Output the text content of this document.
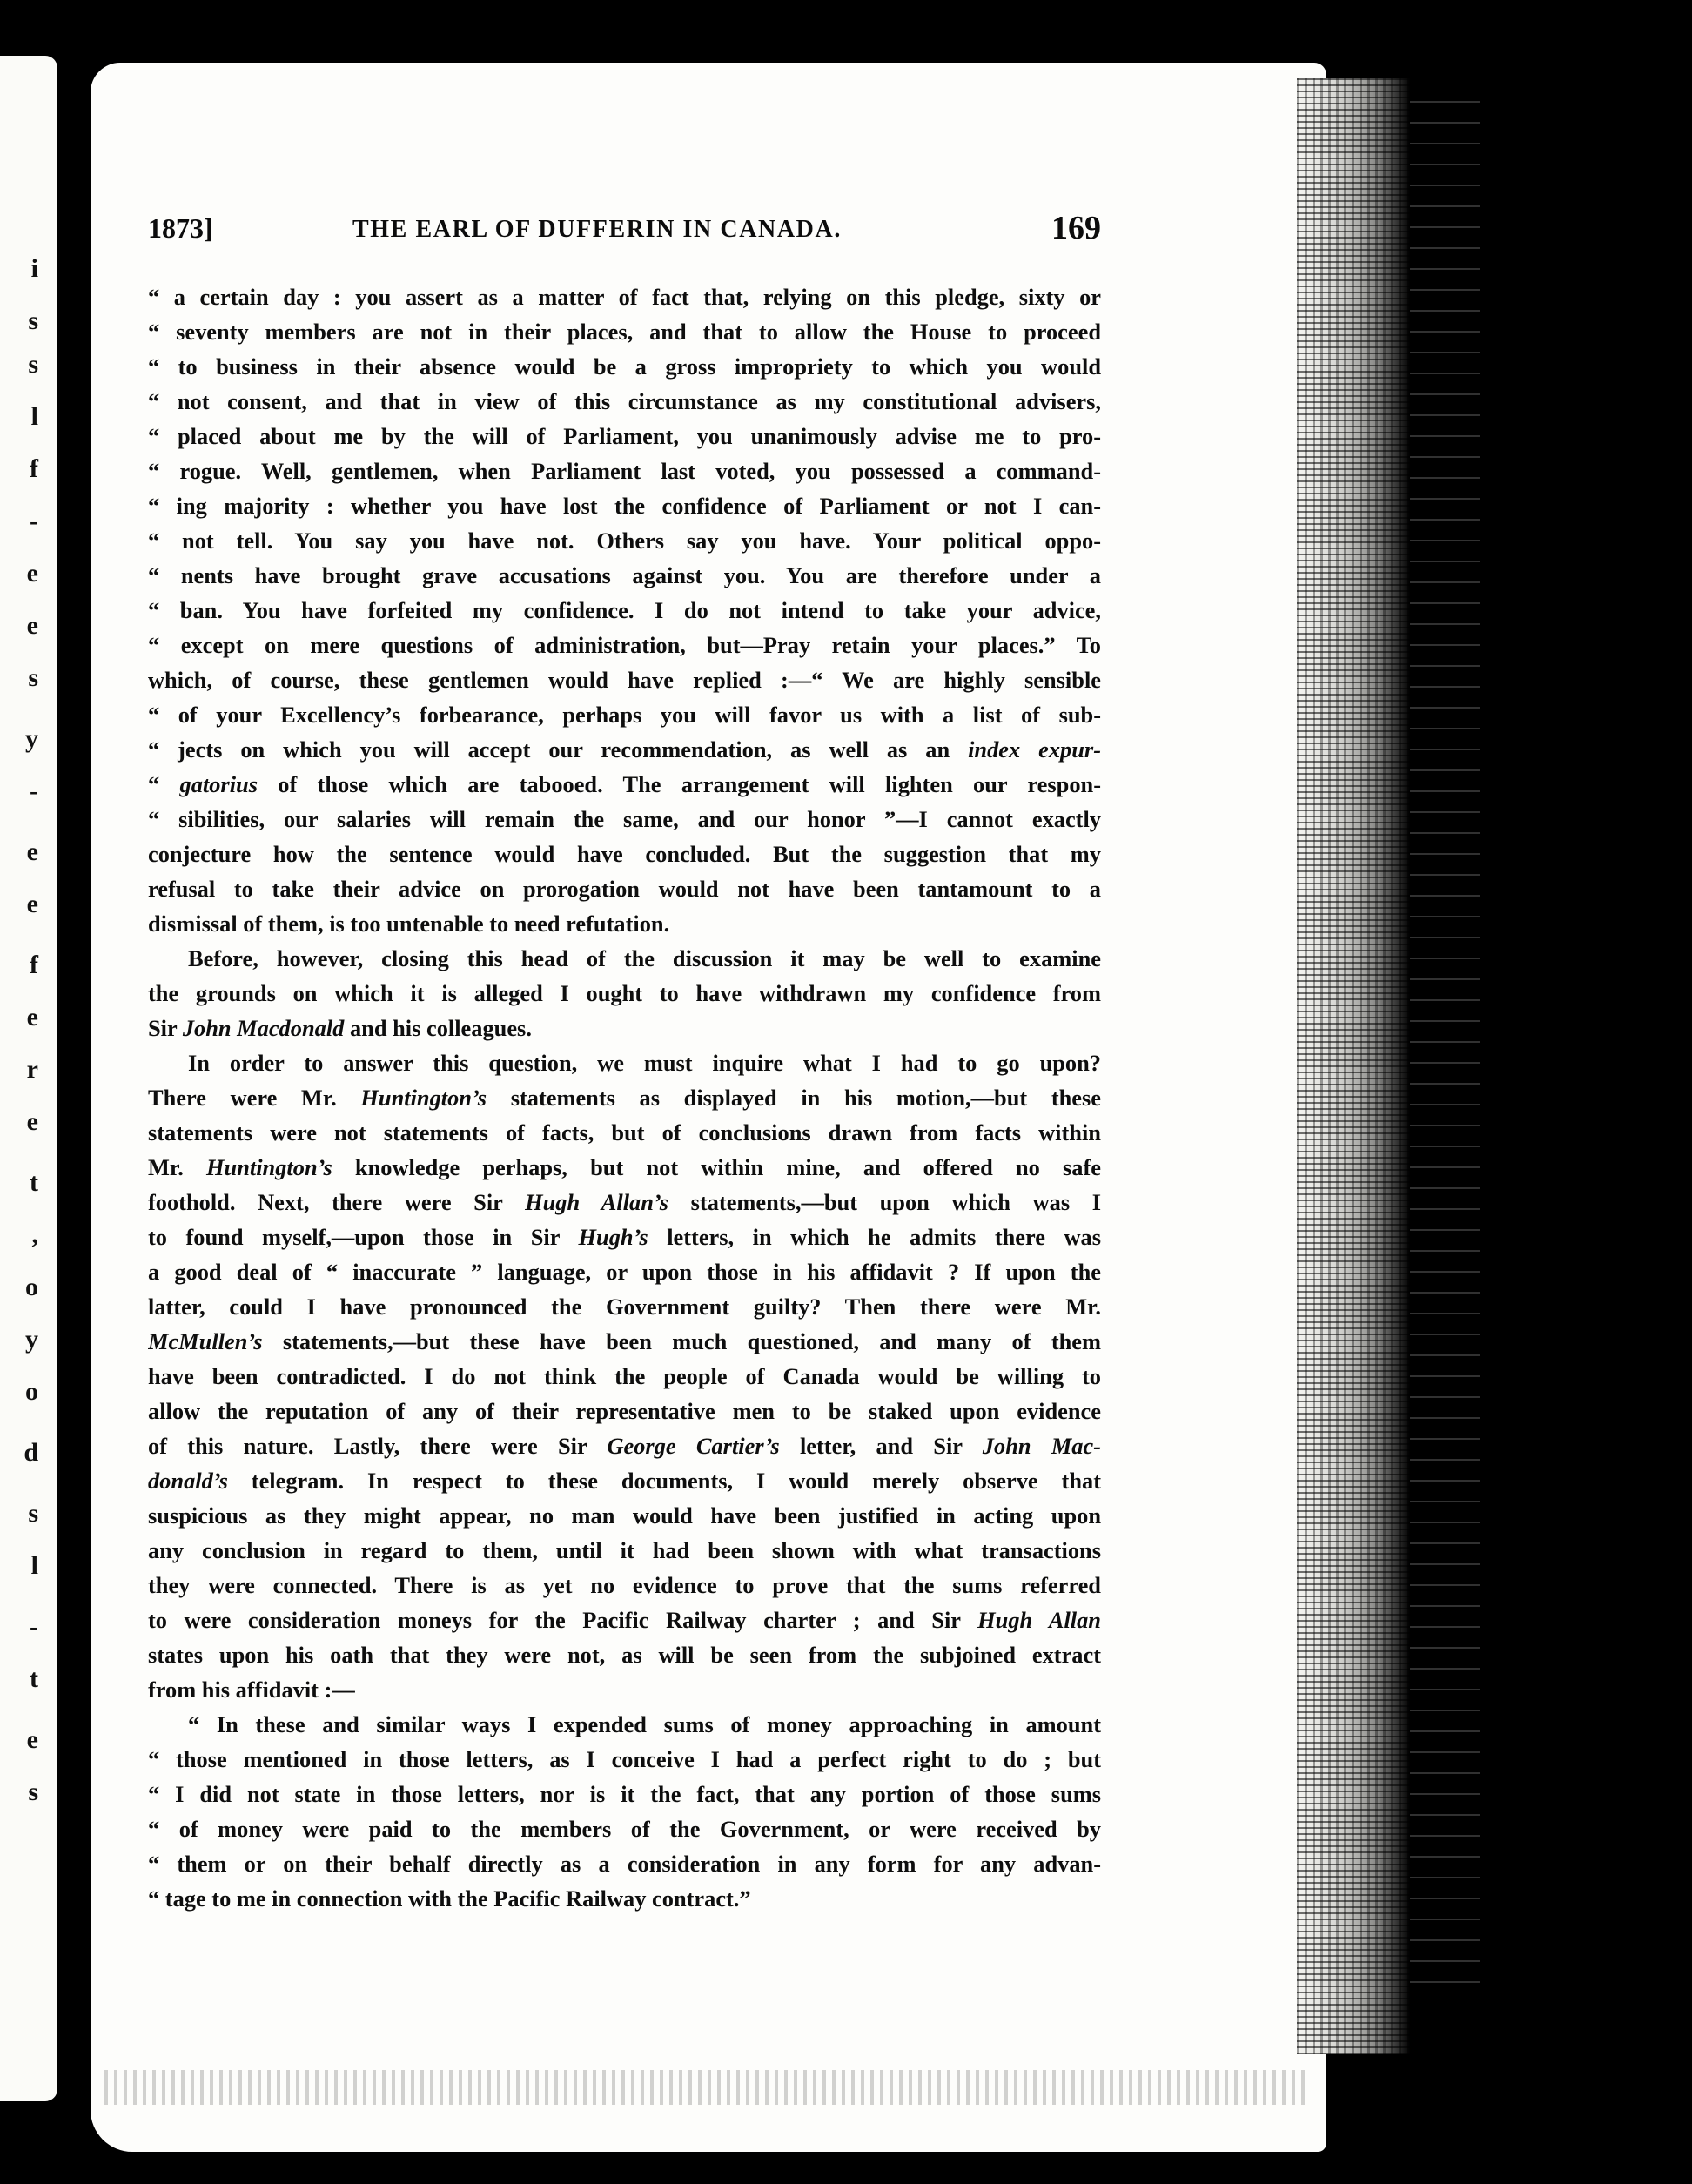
i
s
s
l
f
-
e
e
s
y
-
e
e
f
e
r
e
t
,
o
y
o
d
s
l
-
t
e
s
1873]	THE EARL OF DUFFERIN IN CANADA.	169
“ a certain day : you assert as a matter of fact that, relying on this pledge, sixty or
“ seventy members are not in their places, and that to allow the House to proceed
“ to business in their absence would be a gross impropriety to which you would
“ not consent, and that in view of this circumstance as my constitutional advisers,
“ placed about me by the will of Parliament, you unanimously advise me to pro-
“ rogue. Well, gentlemen, when Parliament last voted, you possessed a command-
“ ing majority : whether you have lost the confidence of Parliament or not I can-
“ not tell. You say you have not. Others say you have. Your political oppo-
“ nents have brought grave accusations against you. You are therefore under a
“ ban. You have forfeited my confidence. I do not intend to take your advice,
“ except on mere questions of administration, but—Pray retain your places.” To
which, of course, these gentlemen would have replied :—“ We are highly sensible
“ of your Excellency’s forbearance, perhaps you will favor us with a list of sub-
“ jects on which you will accept our recommendation, as well as an index expur-
“ gatorius of those which are tabooed. The arrangement will lighten our respon-
“ sibilities, our salaries will remain the same, and our honor ”—I cannot exactly
conjecture how the sentence would have concluded. But the suggestion that my
refusal to take their advice on prorogation would not have been tantamount to a
dismissal of them, is too untenable to need refutation.
Before, however, closing this head of the discussion it may be well to examine
the grounds on which it is alleged I ought to have withdrawn my confidence from
Sir John Macdonald and his colleagues.
In order to answer this question, we must inquire what I had to go upon?
There were Mr. Huntington’s statements as displayed in his motion,—but these
statements were not statements of facts, but of conclusions drawn from facts within
Mr. Huntington’s knowledge perhaps, but not within mine, and offered no safe
foothold. Next, there were Sir Hugh Allan’s statements,—but upon which was I
to found myself,—upon those in Sir Hugh’s letters, in which he admits there was
a good deal of “ inaccurate ” language, or upon those in his affidavit ? If upon the
latter, could I have pronounced the Government guilty? Then there were Mr.
McMullen’s statements,—but these have been much questioned, and many of them
have been contradicted. I do not think the people of Canada would be willing to
allow the reputation of any of their representative men to be staked upon evidence
of this nature. Lastly, there were Sir George Cartier’s letter, and Sir John Mac-
donald’s telegram. In respect to these documents, I would merely observe that
suspicious as they might appear, no man would have been justified in acting upon
any conclusion in regard to them, until it had been shown with what transactions
they were connected. There is as yet no evidence to prove that the sums referred
to were consideration moneys for the Pacific Railway charter ; and Sir Hugh Allan
states upon his oath that they were not, as will be seen from the subjoined extract
from his affidavit :—
“ In these and similar ways I expended sums of money approaching in amount
“ those mentioned in those letters, as I conceive I had a perfect right to do ; but
“ I did not state in those letters, nor is it the fact, that any portion of those sums
“ of money were paid to the members of the Government, or were received by
“ them or on their behalf directly as a consideration in any form for any advan-
“ tage to me in connection with the Pacific Railway contract.”
